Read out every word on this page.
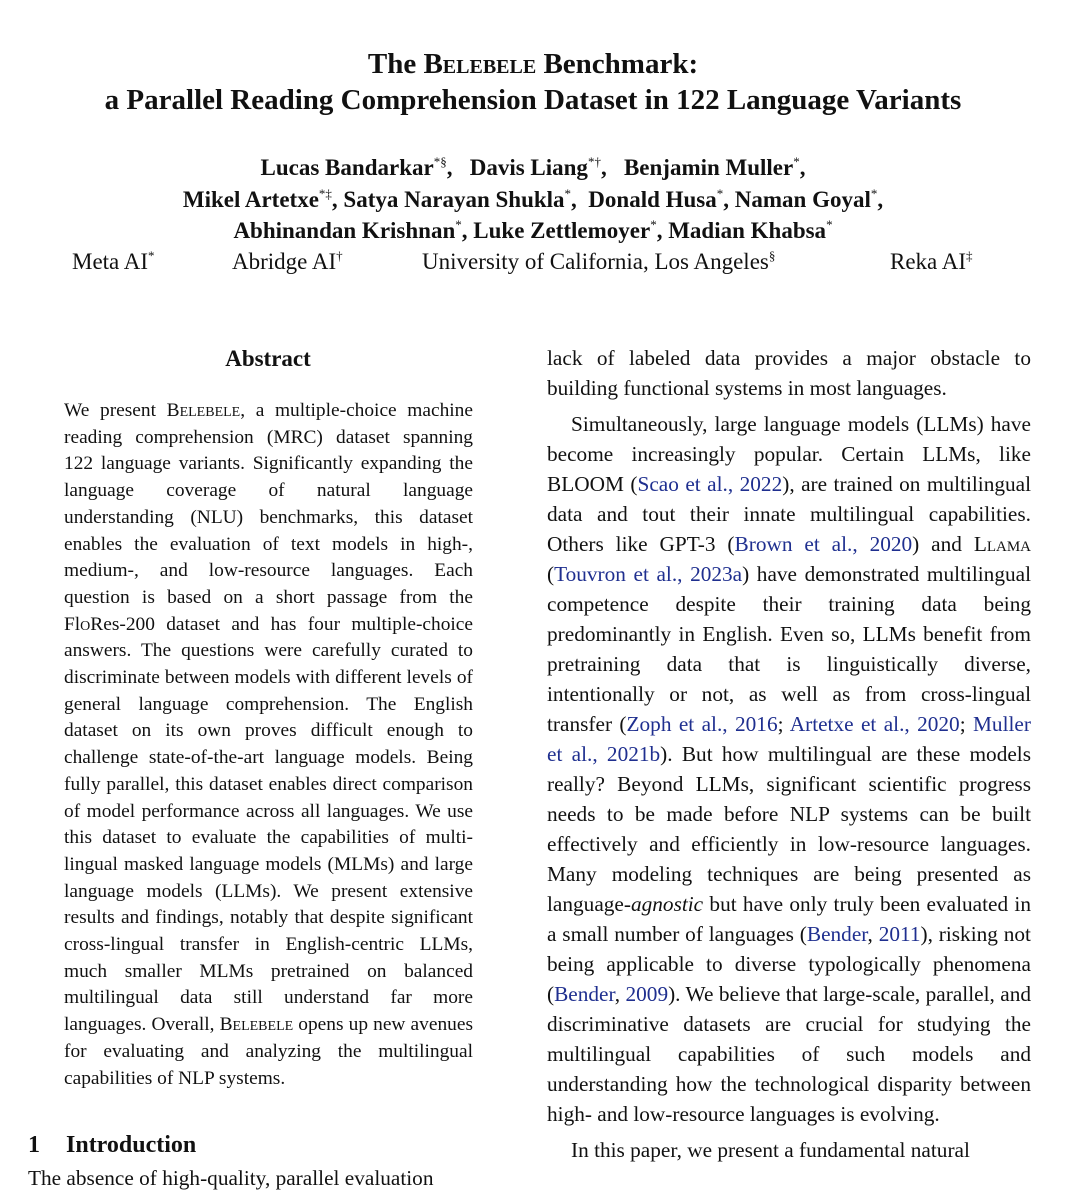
The Belebele Benchmark:
a Parallel Reading Comprehension Dataset in 122 Language Variants
Lucas Bandarkar*§, Davis Liang*†, Benjamin Muller*,
Mikel Artetxe*‡, Satya Narayan Shukla*, Donald Husa*, Naman Goyal*,
Abhinandan Krishnan*, Luke Zettlemoyer*, Madian Khabsa*
Meta AI*	Abridge AI†	University of California, Los Angeles§	Reka AI‡
Abstract

We present Belebele, a multiple-choice machine reading comprehension (MRC) dataset spanning 122 language variants. Significantly expanding the language coverage of natural language understanding (NLU) benchmarks, this dataset enables the evaluation of text models in high-, medium-, and low-resource languages. Each question is based on a short passage from the FloRes-200 dataset and has four multiple-choice answers. The questions were carefully curated to discriminate between models with different levels of general language comprehension. The English dataset on its own proves difficult enough to challenge state-of-the-art language models. Being fully parallel, this dataset enables direct comparison of model performance across all languages. We use this dataset to evaluate the capabilities of multilingual masked language models (MLMs) and large language models (LLMs). We present extensive results and findings, notably that despite significant cross-lingual transfer in English-centric LLMs, much smaller MLMs pretrained on balanced multilingual data still understand far more languages. Overall, Belebele opens up new avenues for evaluating and analyzing the multilingual capabilities of NLP systems.

1 Introduction

The absence of high-quality, parallel evaluation

lack of labeled data provides a major obstacle to building functional systems in most languages.

Simultaneously, large language models (LLMs) have become increasingly popular. Certain LLMs, like BLOOM (Scao et al., 2022), are trained on multilingual data and tout their innate multilingual capabilities. Others like GPT-3 (Brown et al., 2020) and Llama (Touvron et al., 2023a) have demonstrated multilingual competence despite their training data being predominantly in English. Even so, LLMs benefit from pretraining data that is linguistically diverse, intentionally or not, as well as from cross-lingual transfer (Zoph et al., 2016; Artetxe et al., 2020; Muller et al., 2021b). But how multilingual are these models really? Beyond LLMs, significant scientific progress needs to be made before NLP systems can be built effectively and efficiently in low-resource languages. Many modeling techniques are being presented as language-agnostic but have only truly been evaluated in a small number of languages (Bender, 2011), risking not being applicable to diverse typologically phenomena (Bender, 2009). We believe that large-scale, parallel, and discriminative datasets are crucial for studying the multilingual capabilities of such models and understanding how the technological disparity between high- and low-resource languages is evolving.

In this paper, we present a fundamental natural
